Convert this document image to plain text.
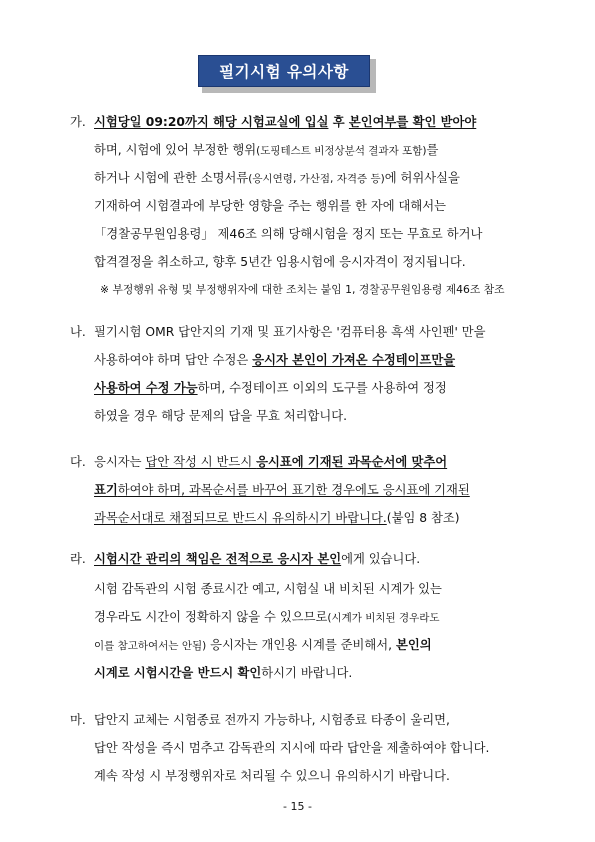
필기시험 유의사항
가. 시험당일 09:20까지 해당 시험교실에 입실 후 본인여부를 확인 받아야
하며, 시험에 있어 부정한 행위(도핑테스트 비정상분석 결과자 포함)를
하거나 시험에 관한 소명서류(응시연령, 가산점, 자격증 등)에 허위사실을
기재하여 시험결과에 부당한 영향을 주는 행위를 한 자에 대해서는
「경찰공무원임용령」 제46조 의해 당해시험을 정지 또는 무효로 하거나
합격결정을 취소하고, 향후 5년간 임용시험에 응시자격이 정지됩니다.
※ 부정행위 유형 및 부정행위자에 대한 조치는 붙임 1, 경찰공무원임용령 제46조 참조
나. 필기시험 OMR 답안지의 기재 및 표기사항은 '컴퓨터용 흑색 사인펜' 만을
사용하여야 하며 답안 수정은 응시자 본인이 가져온 수정테이프만을
사용하여 수정 가능하며, 수정테이프 이외의 도구를 사용하여 정정
하였을 경우 해당 문제의 답을 무효 처리합니다.
다. 응시자는 답안 작성 시 반드시 응시표에 기재된 과목순서에 맞추어
표기하여야 하며, 과목순서를 바꾸어 표기한 경우에도 응시표에 기재된
과목순서대로 채점되므로 반드시 유의하시기 바랍니다.(붙임 8 참조)
라. 시험시간 관리의 책임은 전적으로 응시자 본인에게 있습니다.
시험 감독관의 시험 종료시간 예고, 시험실 내 비치된 시계가 있는
경우라도 시간이 정확하지 않을 수 있으므로(시계가 비치된 경우라도
이를 참고하여서는 안됨) 응시자는 개인용 시계를 준비해서, 본인의
시계로 시험시간을 반드시 확인하시기 바랍니다.
마. 답안지 교체는 시험종료 전까지 가능하나, 시험종료 타종이 울리면,
답안 작성을 즉시 멈추고 감독관의 지시에 따라 답안을 제출하여야 합니다.
계속 작성 시 부정행위자로 처리될 수 있으니 유의하시기 바랍니다.
- 15 -
